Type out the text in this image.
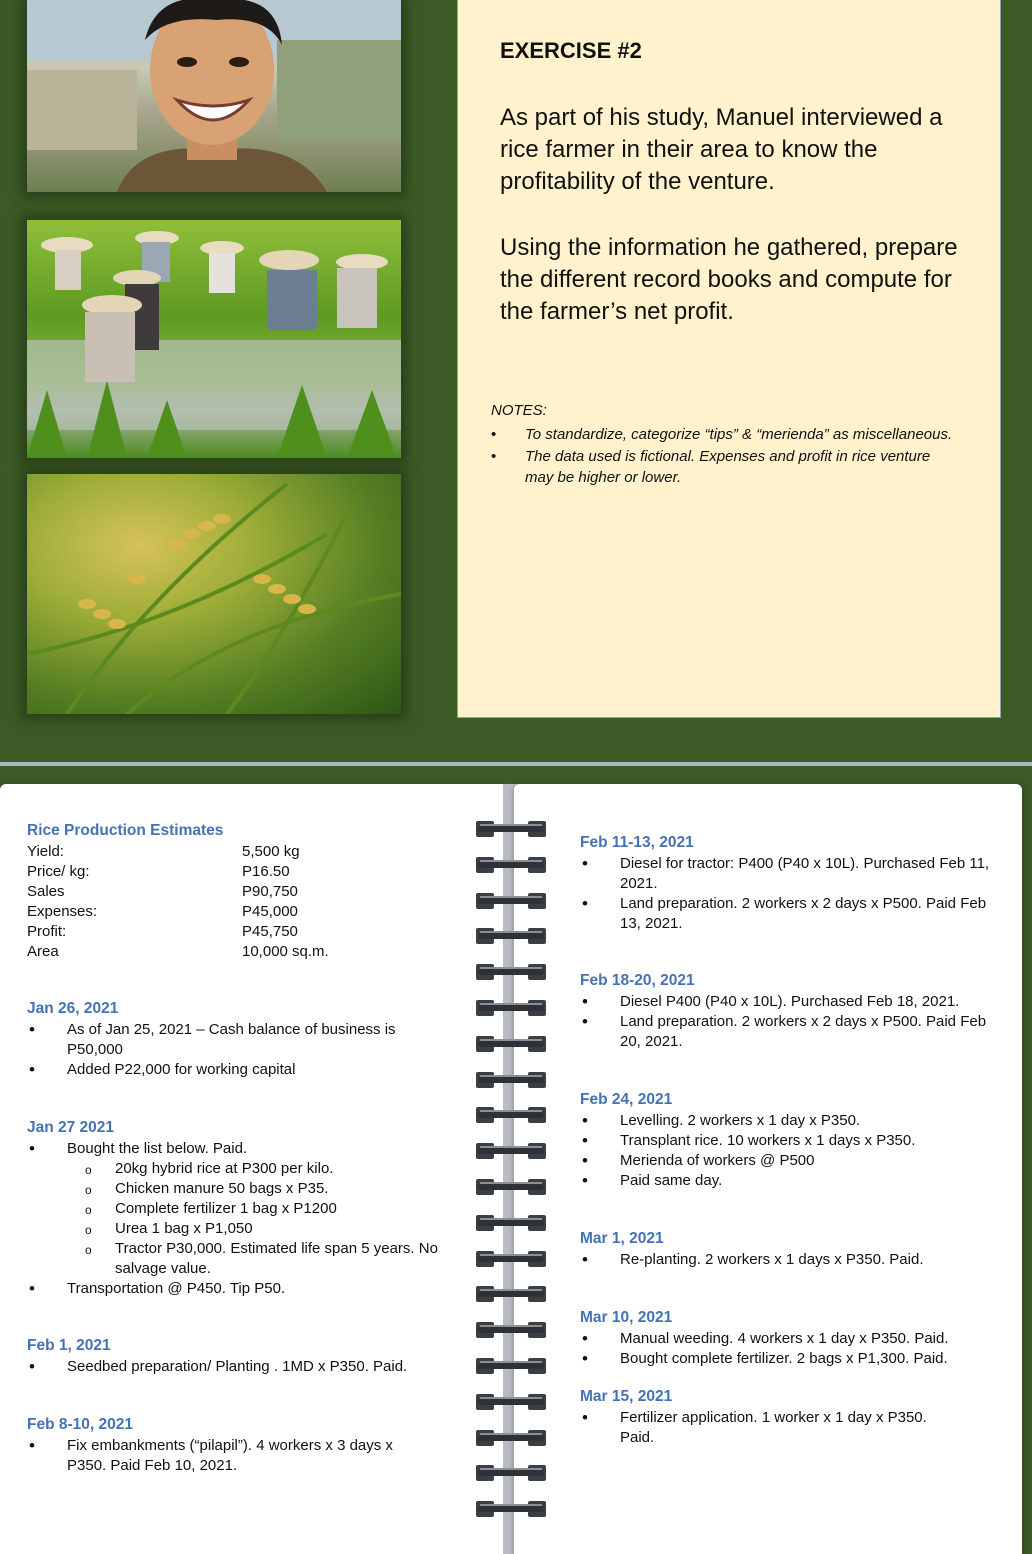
EXERCISE #2

As part of his study, Manuel interviewed a rice farmer in their area to know the profitability of the venture.

Using the information he gathered, prepare the different record books and compute for the farmer’s net profit.

NOTES:
• To standardize, categorize “tips” & “merienda” as miscellaneous.
• The data used is fictional. Expenses and profit in rice venture may be higher or lower.
Rice Production Estimates
Yield:	5,500 kg
Price/ kg:	P16.50
Sales	P90,750
Expenses:	P45,000
Profit:	P45,750
Area	10,000 sq.m.
Jan 26, 2021
• As of Jan 25, 2021 – Cash balance of business is P50,000
• Added P22,000 for working capital
Jan 27 2021
• Bought the list below. Paid.
o 20kg hybrid rice at P300 per kilo.
o Chicken manure 50 bags x P35.
o Complete fertilizer 1 bag x P1200
o Urea 1 bag x P1,050
o Tractor P30,000. Estimated life span 5 years. No salvage value.
• Transportation @ P450. Tip P50.
Feb 1, 2021
• Seedbed preparation/ Planting . 1MD x P350. Paid.
Feb 8-10, 2021
• Fix embankments (“pilapil”). 4 workers x 3 days x P350. Paid Feb 10, 2021.
Feb 11-13, 2021
• Diesel for tractor: P400 (P40 x 10L). Purchased Feb 11, 2021.
• Land preparation. 2 workers x 2 days x P500. Paid Feb 13, 2021.
Feb 18-20, 2021
• Diesel P400 (P40 x 10L). Purchased Feb 18, 2021.
• Land preparation. 2 workers x 2 days x P500. Paid Feb 20, 2021.
Feb 24, 2021
• Levelling. 2 workers x 1 day x P350.
• Transplant rice. 10 workers x 1 days x P350.
• Merienda of workers @ P500
• Paid same day.
Mar 1, 2021
• Re-planting. 2 workers x 1 days x P350. Paid.
Mar 10, 2021
• Manual weeding. 4 workers x 1 day x P350. Paid.
• Bought complete fertilizer. 2 bags x P1,300. Paid.
Mar 15, 2021
• Fertilizer application. 1 worker x 1 day x P350. Paid.
